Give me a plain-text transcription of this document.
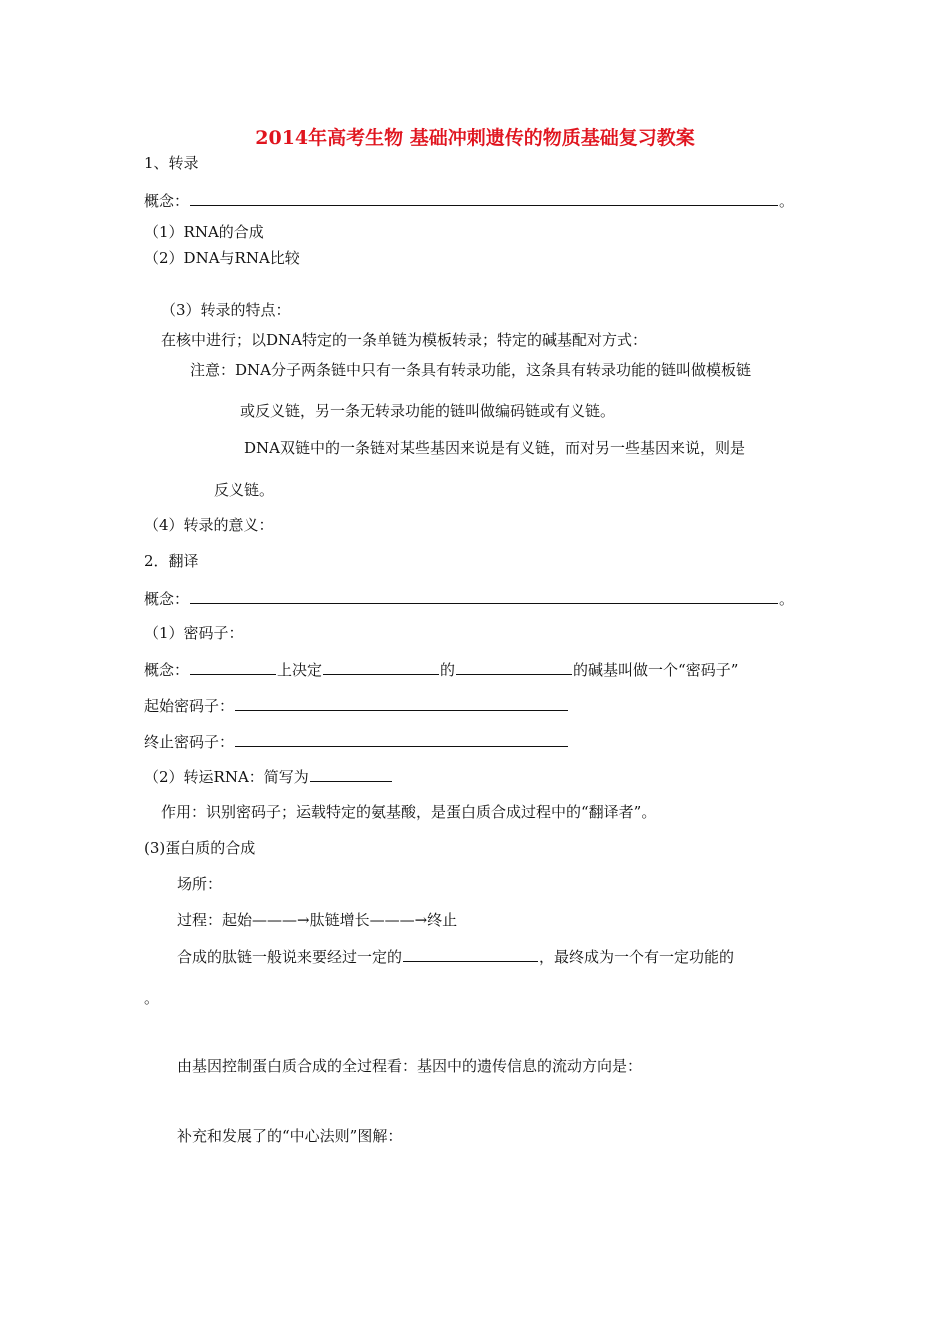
2014年高考生物 基础冲刺遗传的物质基础复习教案
1、转录
概念：	。
（1）RNA的合成
（2）DNA与RNA比较
（3）转录的特点：
在核中进行；以DNA特定的一条单链为模板转录；特定的碱基配对方式：
注意：DNA分子两条链中只有一条具有转录功能，这条具有转录功能的链叫做模板链
或反义链，另一条无转录功能的链叫做编码链或有义链。
DNA双链中的一条链对某些基因来说是有义链，而对另一些基因来说，则是
反义链。
（4）转录的意义：
2．翻译
概念：	。
（1）密码子：
概念：	上决定	的	的碱基叫做一个“密码子”
起始密码子：
终止密码子：
（2）转运RNA：简写为
作用：识别密码子；运载特定的氨基酸，是蛋白质合成过程中的“翻译者”。
(3)蛋白质的合成
场所：
过程：起始———→肽链增长———→终止
合成的肽链一般说来要经过一定的	，最终成为一个有一定功能的
。
由基因控制蛋白质合成的全过程看：基因中的遗传信息的流动方向是：
补充和发展了的“中心法则”图解：
